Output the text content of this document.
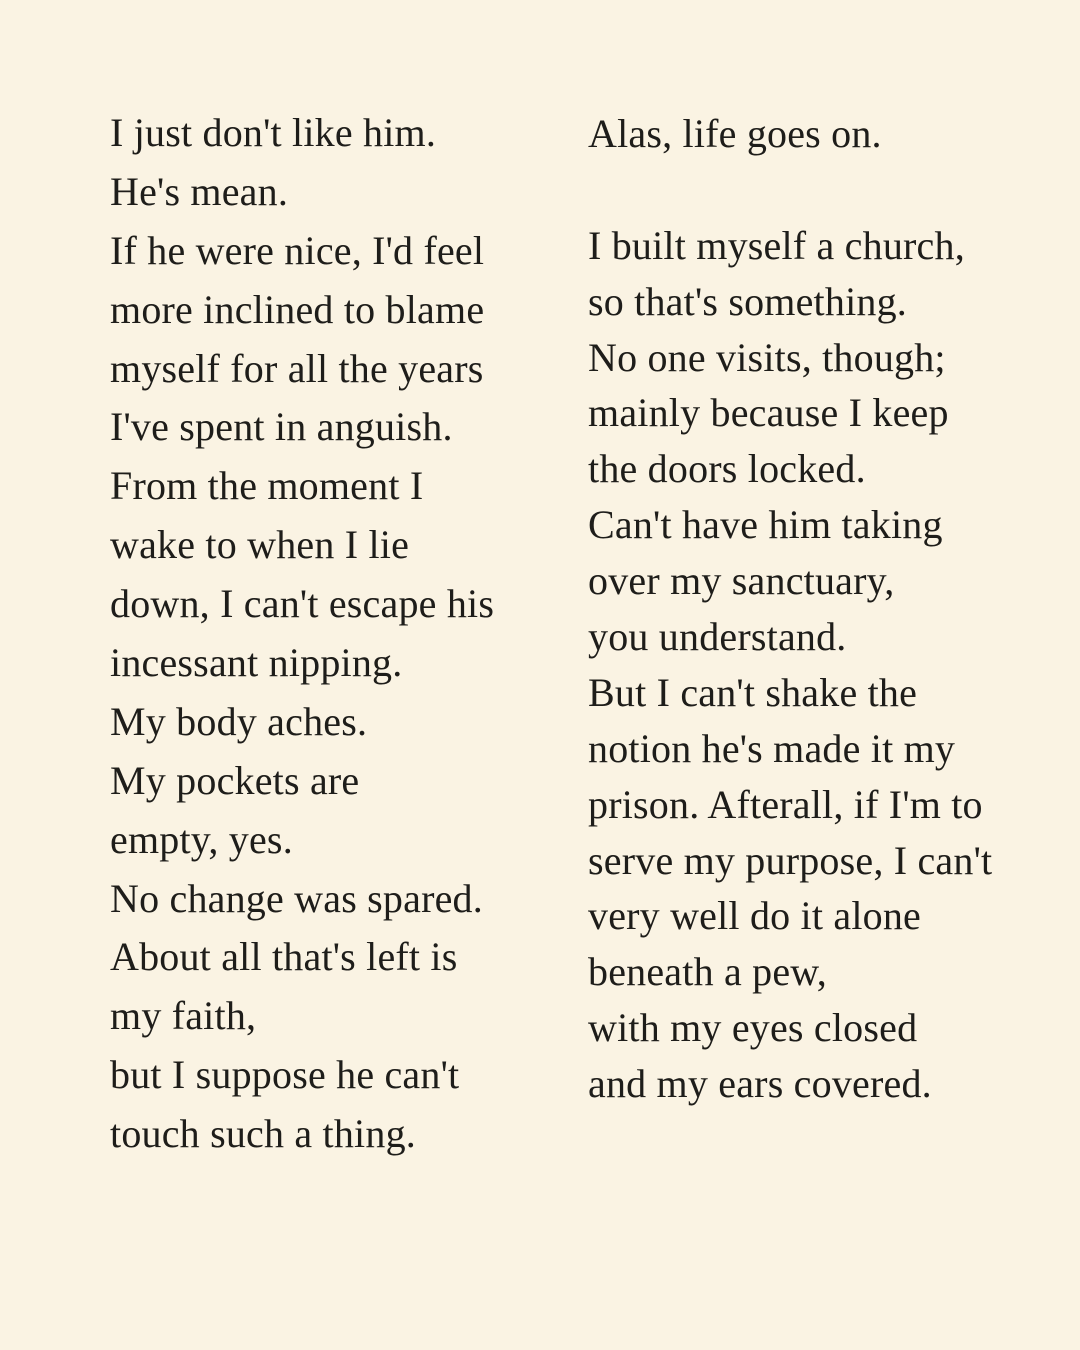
I just don't like him.
He's mean.
If he were nice, I'd feel
more inclined to blame
myself for all the years
I've spent in anguish.
From the moment I
wake to when I lie
down, I can't escape his
incessant nipping.
My body aches.
My pockets are
empty, yes.
No change was spared.
About all that's left is
my faith,
but I suppose he can't
touch such a thing.
Alas, life goes on.

I built myself a church,
so that's something.
No one visits, though;
mainly because I keep
the doors locked.
Can't have him taking
over my sanctuary,
you understand.
But I can't shake the
notion he's made it my
prison. Afterall, if I'm to
serve my purpose, I can't
very well do it alone
beneath a pew,
with my eyes closed
and my ears covered.
